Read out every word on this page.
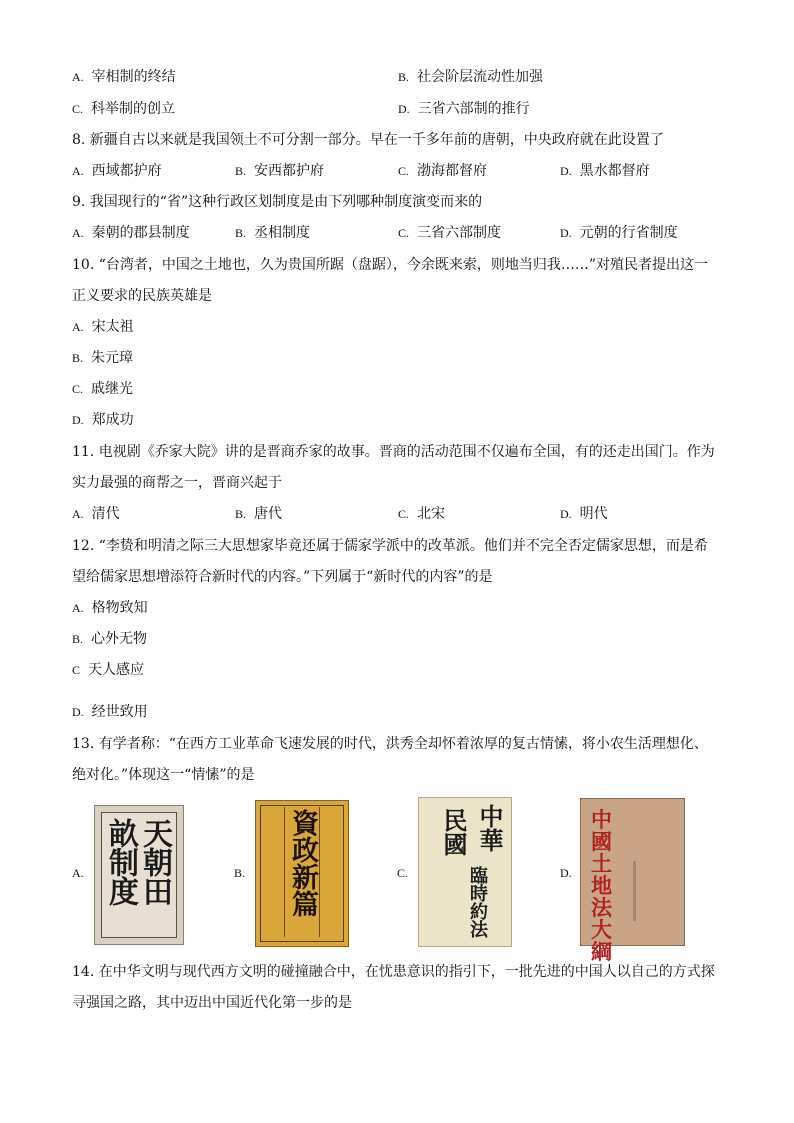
A. 宰相制的终结	B. 社会阶层流动性加强
C. 科举制的创立	D. 三省六部制的推行
8. 新疆自古以来就是我国领土不可分割一部分。早在一千多年前的唐朝，中央政府就在此设置了
A. 西域都护府	B. 安西都护府	C. 渤海都督府	D. 黑水都督府
9. 我国现行的“省”这种行政区划制度是由下列哪种制度演变而来的
A. 秦朝的郡县制度	B. 丞相制度	C. 三省六部制度	D. 元朝的行省制度
10. “台湾者，中国之土地也，久为贵国所踞（盘踞），今余既来索，则地当归我……”对殖民者提出这一
正义要求的民族英雄是
A. 宋太祖
B. 朱元璋
C. 戚继光
D. 郑成功
11. 电视剧《乔家大院》讲的是晋商乔家的故事。晋商的活动范围不仅遍布全国，有的还走出国门。作为
实力最强的商帮之一，晋商兴起于
A. 清代	B. 唐代	C. 北宋	D. 明代
12. “李贽和明清之际三大思想家毕竟还属于儒家学派中的改革派。他们并不完全否定儒家思想，而是希
望给儒家思想增添符合新时代的内容。”下列属于“新时代的内容”的是
A. 格物致知
B. 心外无物
C 天人感应
D. 经世致用
13. 有学者称：“在西方工业革命飞速发展的时代，洪秀全却怀着浓厚的复古情愫，将小农生活理想化、
绝对化。”体现这一“情愫”的是
A. 天朝田
畝制度	B. 資政新篇	C.
中華
民國
臨時約法	D.
中國土地法大綱
14. 在中华文明与现代西方文明的碰撞融合中，在忧患意识的指引下，一批先进的中国人以自己的方式探
寻强国之路，其中迈出中国近代化第一步的是
